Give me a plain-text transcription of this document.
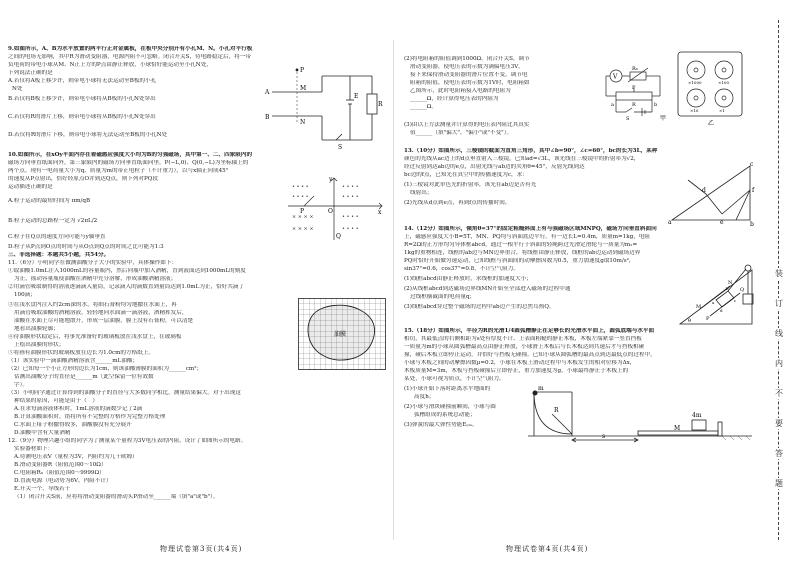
9.如图所示，A、B为水平放置的两平行正对金属板，在板中央分别开有小孔M、N。小孔对平行板
之间的电场无影响，其中R为滑动变阻器，电源内阻不可忽略。闭合开关S，待电路稳定后，将一带
负电荷的带电小球从M、N正上方的P点由静止释放，小球恰好能运动至小孔N处，
下列说法正确的是
A.若仅将A板上移少许，则带电小球将无法运动至B板的小孔
N处
B.若仅将B板上移少许，则带电小球将从B板的小孔N处穿出
C.若仅将R的滑片上移，则带电小球将从B板的小孔N处穿出
D.若仅将R的滑片下移，则带电小球将无法运动至B板的小孔N处
P
A
M
N
B
R
S
E
10.如图所示，在xOy平面内存在着磁感应强度大小均为B的匀强磁场，其中第一、二、四象限内的
磁场方向垂直纸面向外，第三象限内的磁场方向垂直纸面向里。P(−L,0)、Q(0,−L)为坐标轴上的
两个点。现有一电荷量大小为q、质量为m的带正电粒子（不计重力），以与x轴正向成45°
的速度从P点射出，恰好经原点O并到达Q点，则下列对PQ段
运动描述正确的是
A.粒子运动的最短时间为 πm/qB
B.粒子运动的总路程一定为 √2πL/2
C.粒子在Q点的速度方向可能与y轴垂直
D.粒子从P点到O点的时间与从O点到Q点的时间之比可能为1:3
• • • •	• • • •
• • • •	• • • •
× × × ×	• • • •
× × × ×	• • • •
y
x
P	O
Q
三、非选择题：本题共5小题，共54分。
11.（6分）小明同学在做测油酸分子大小的实验中，具体操作如下：
①取油酸1.0mL注入1000mL的容量瓶内，然后向瓶中加入酒精，直到液面达到1000mL的刻度
为止，摇动容量瓶使油酸在酒精中充分溶解，形成油酸酒精溶液；
②用滴管吸取制得的溶液逐滴滴入量筒，记录滴入的滴数直到量筒达到1.0mL为止，恰好共滴了
100滴；
③在浅水盘内注入约2cm深的水，将细石膏粉均匀地撒在水面上，再
用滴管吸取油酸的酒精溶液，轻轻地向水面滴一滴溶液，酒精挥发后，
油酸在水面上尽可能地散开，形成一层油膜，膜上没有石膏粉，可以清楚
地看出油膜轮廓；
④待油膜形状稳定后，将事先准备好的玻璃板放在浅水盘上，在玻璃板
上绘出油膜的形状；
⑤将画有油膜形状的玻璃板放在边长为1.0cm的方格纸上。
（1）该实验中一滴油酸酒精溶液含______mL油酸；
（2）已知每一个小正方形的边长为1cm，则该油酸薄膜的面积为______cm²；
估测出油酸分子的直径是______m（此空保留一位有效数
字）。
（3）小明同学通过计算得到的油酸分子的直径与大多数同学相比，测量结果偏大。对于出现这
种结果的原因，可能是由于（　）
A.在求每滴溶液体积时，1mL溶液的滴数少记了2滴
B.计算油酸面积时，错将所有不完整的方格作为完整方格处理
C.水面上痱子粉撒得较多，油酸膜没有充分展开
D.油酸中含有大量酒精
油膜
12.（9分）物理兴趣小组的同学为了测量某个量程为3V电压表的内阻，设计了如图所示的电路。
实验器材如下：
A.待测电压表V（量程为3V，内阻约为几千欧姆）
B.滑动变阻器R（阻值范围0～10Ω）
C.电阻箱R₀（阻值范围0～9999Ω）
D.直流电源（电动势为6V，内阻不计）
E.开关一个，导线若干
（1）闭合开关S前，应将将滑动变阻器的滑动头P滑动至______端（填"a"或"b"）。
物理试卷第3页(共4页)
(2)将电阻箱的阻值调到1000Ω，闭合开关S，调节
滑动变阻器，使电压表的示数为满偏电压3V。
接下来保持滑动变阻器的滑片位置不变，调节电
阻箱的阻值，使电压表的示数为1V时，电阻箱如
乙图所示，此时电阻箱接入电路的电阻为
______Ω，经计算得电压表的内阻为
______Ω。
(3)由以上方法测量并计算得的电压表内阻比其真实
值______（填"偏大"、"偏小"或"不变"）。
V
R₀
P
a	b
R
S	甲
×1000	×100
×10	×1
乙
13.（10分）如图所示，三棱镜的截面为直角三角形，其中∠b=90°，∠c=60°，bc的长为3L，某种
颜色的光线从ac边上的d点垂直射入三棱镜，已知ad=√3L，该光线在三棱镜中的折射率为√2，
经过反射到达ab边的e点，出射光线与ab边的夹角θ=45°，反射光线到达
bc边的f点，已知光在真空中的传播速度为c，求：
(1)三棱镜对此单色光的折射率，该光在ab边是否有光
线射出；
(2)光线从d点到e点，再到f点的传播时间。
a	b
c
d
e
f
14.（12分）如图所示，倾角θ=37°的固定粗糙斜面上有与强磁场区域MNPQ，磁场方向垂直斜面向
上，磁感应强度大小B=5T，MN、PQ均与斜面底边平行。有一边长L=0.4m，质量m=1kg，电阻
R=2Ω的正方形均匀导体框abcd，通过一根平行于斜面的轻绳跨过光滑定滑轮与一质量为m₂=
1kg的重物相连，线框的ab边与MN边界重合，将线框由静止释放，线框的ab边运动到磁场边界
PQ时恰好开始做匀速运动，已知线框与斜面间的动摩擦因数为0.5，重力加速度g取10m/s²，
sin37°=0.6，cos37°=0.8，不计空气阻力。
(1)线框abcd由静止释放时，求线框的加速度大小；
(2)从线框abcd到达磁场边界线MN开始至全部进入磁场的过程中通
过线框横截面的电荷量q；
(3)线框abcd穿过整个磁场的过程中ab边产生的总焦耳热Q。	M
N
P
Q
a
b
c
d
θ
15.（18分）如图所示，半径为R的光滑1/4圆弧槽静止在足够长的光滑水平面上，圆弧底端与水平面
相切，其最低点的右侧相距为s处有厚度不计、上表面粗糙的静止木板，木板左端紧靠一竖直挡板
一质量为m的小球从圆弧槽最高点由静止释放，小球滑上木板后与长木板达到共速后才与挡板相碰
撞，碰后木板立即停止运动，并恰好与挡板无碰撞。已知小球从圆弧槽的最高点到达最低点的过程中，
小球与木板之间的动摩擦因数μ=0.2，小球在木板上滑动过程中与木板发生的相对位移为Δx，
木板质量M=3m，木板与挡板碰撞后立即停止，重力加速度为g，小球最终静止于木板上的
某处，小球可视为质点，不计空气阻力。
(1)小球开始下落时距离水平地面的
高度h；
(2)小球与滑块碰撞前瞬间，小球与圆
弧槽组成的系统总动能；
(3)弹簧的最大弹性势能Eₚₘ。
R
m
s
M
4m
物理试卷第4页(共4页)
装
订
线
内
不
要
答
题
